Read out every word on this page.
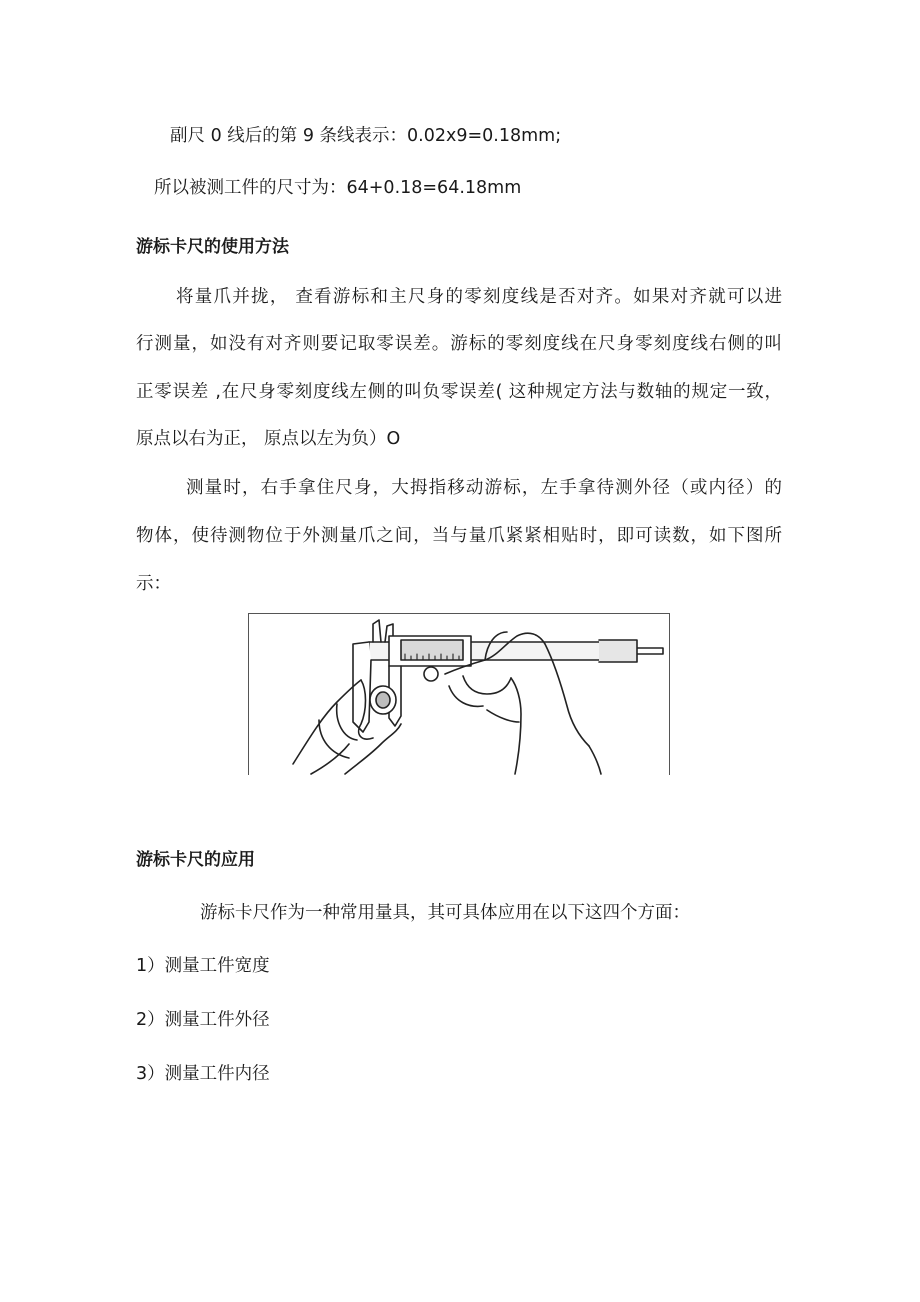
副尺 0 线后的第 9 条线表示：0.02x9=0.18mm;

所以被测工件的尺寸为：64+0.18=64.18mm

游标卡尺的使用方法

将量爪并拢， 查看游标和主尺身的零刻度线是否对齐。如果对齐就可以进

行测量，如没有对齐则要记取零误差。游标的零刻度线在尺身零刻度线右侧的叫

正零误差 ,在尺身零刻度线左侧的叫负零误差( 这种规定方法与数轴的规定一致，

原点以右为正， 原点以左为负）O

测量时，右手拿住尺身，大拇指移动游标，左手拿待测外径（或内径）的

物体，使待测物位于外测量爪之间，当与量爪紧紧相贴时，即可读数，如下图所

示：

游标卡尺的应用

游标卡尺作为一种常用量具，其可具体应用在以下这四个方面：

1）测量工件宽度

2）测量工件外径

3）测量工件内径
